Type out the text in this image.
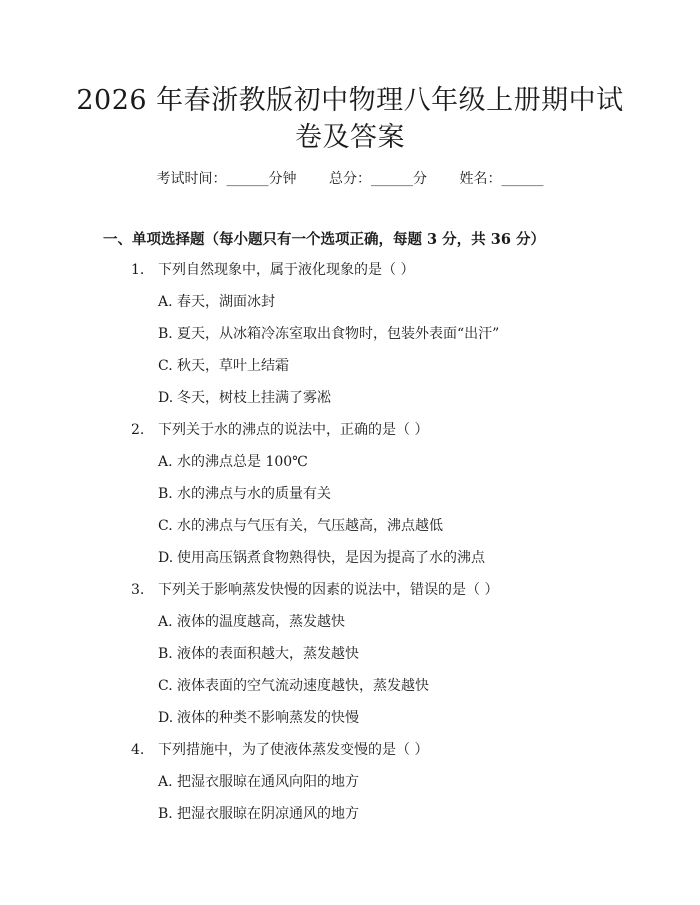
2026 年春浙教版初中物理八年级上册期中试
卷及答案
考试时间：______分钟 总分：______分 姓名：______
一、单项选择题（每小题只有一个选项正确，每题 3 分，共 36 分）
1. 下列自然现象中，属于液化现象的是（ ）
A. 春天，湖面冰封
B. 夏天，从冰箱冷冻室取出食物时，包装外表面“出汗”
C. 秋天，草叶上结霜
D. 冬天，树枝上挂满了雾凇
2. 下列关于水的沸点的说法中，正确的是（ ）
A. 水的沸点总是 100℃
B. 水的沸点与水的质量有关
C. 水的沸点与气压有关，气压越高，沸点越低
D. 使用高压锅煮食物熟得快，是因为提高了水的沸点
3. 下列关于影响蒸发快慢的因素的说法中，错误的是（ ）
A. 液体的温度越高，蒸发越快
B. 液体的表面积越大，蒸发越快
C. 液体表面的空气流动速度越快，蒸发越快
D. 液体的种类不影响蒸发的快慢
4. 下列措施中，为了使液体蒸发变慢的是（ ）
A. 把湿衣服晾在通风向阳的地方
B. 把湿衣服晾在阴凉通风的地方
